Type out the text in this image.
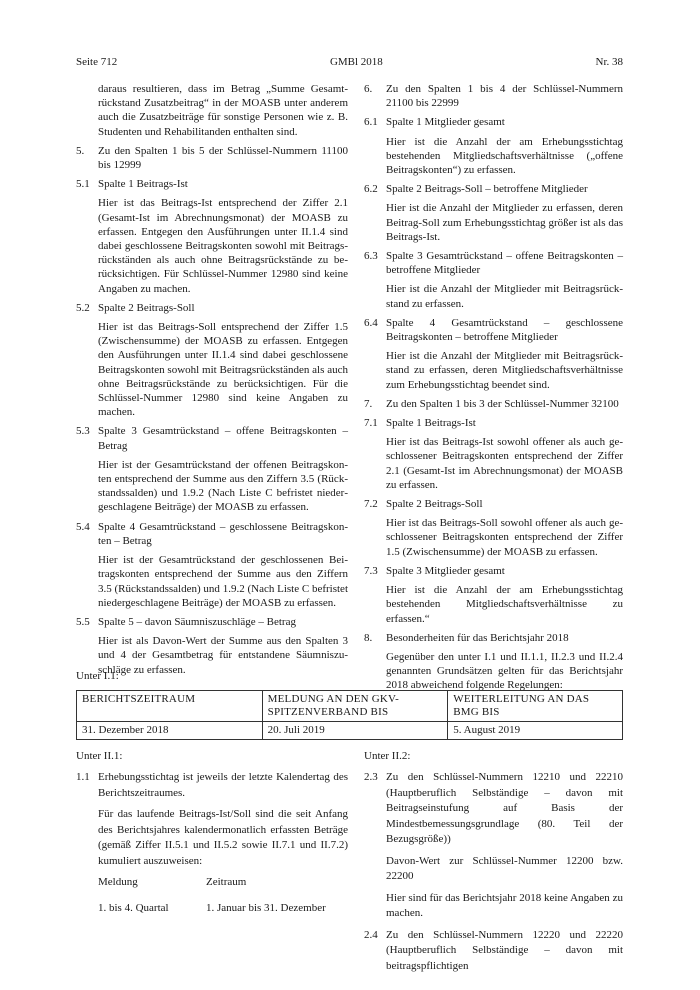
Seite 712	GMBl 2018	Nr. 38
daraus resultieren, dass im Betrag „Summe Gesamtrückstand Zusatzbeitrag“ in der MOASB unter anderem auch die Zusatzbeiträge für sonstige Personen wie z. B. Studenten und Rehabilitanden enthalten sind.
5. Zu den Spalten 1 bis 5 der Schlüssel-Nummern 11100 bis 12999
5.1 Spalte 1 Beitrags-Ist
Hier ist das Beitrags-Ist entsprechend der Ziffer 2.1 (Gesamt-Ist im Abrechnungsmonat) der MOASB zu erfassen. Entgegen den Ausführungen unter II.1.4 sind dabei geschlossene Beitragskonten sowohl mit Beitragsrückständen als auch ohne Beitragsrückstände zu berücksichtigen. Für Schlüssel-Nummer 12980 sind keine Angaben zu machen.
5.2 Spalte 2 Beitrags-Soll
Hier ist das Beitrags-Soll entsprechend der Ziffer 1.5 (Zwischensumme) der MOASB zu erfassen. Entgegen den Ausführungen unter II.1.4 sind dabei geschlossene Beitragskonten sowohl mit Beitragsrückständen als auch ohne Beitragsrückstände zu berücksichtigen. Für die Schlüssel-Nummer 12980 sind keine Angaben zu machen.
5.3 Spalte 3 Gesamtrückstand – offene Beitragskonten – Betrag
Hier ist der Gesamtrückstand der offenen Beitragskonten entsprechend der Summe aus den Ziffern 3.5 (Rückstandssalden) und 1.9.2 (Nach Liste C befristet niedergeschlagene Beiträge) der MOASB zu erfassen.
5.4 Spalte 4 Gesamtrückstand – geschlossene Beitragskonten – Betrag
Hier ist der Gesamtrückstand der geschlossenen Beitragskonten entsprechend der Summe aus den Ziffern 3.5 (Rückstandssalden) und 1.9.2 (Nach Liste C befristet niedergeschlagene Beiträge) der MOASB zu erfassen.
5.5 Spalte 5 – davon Säumniszuschläge – Betrag
Hier ist als Davon-Wert der Summe aus den Spalten 3 und 4 der Gesamtbetrag für entstandene Säumniszuschläge zu erfassen.
6. Zu den Spalten 1 bis 4 der Schlüssel-Nummern 21100 bis 22999
6.1 Spalte 1 Mitglieder gesamt
Hier ist die Anzahl der am Erhebungsstichtag bestehenden Mitgliedschaftsverhältnisse („offene Beitragskonten“) zu erfassen.
6.2 Spalte 2 Beitrags-Soll – betroffene Mitglieder
Hier ist die Anzahl der Mitglieder zu erfassen, deren Beitrag-Soll zum Erhebungsstichtag größer ist als das Beitrags-Ist.
6.3 Spalte 3 Gesamtrückstand – offene Beitragskonten – betroffene Mitglieder
Hier ist die Anzahl der Mitglieder mit Beitragsrückstand zu erfassen.
6.4 Spalte 4 Gesamtrückstand – geschlossene Beitragskonten – betroffene Mitglieder
Hier ist die Anzahl der Mitglieder mit Beitragsrückstand zu erfassen, deren Mitgliedschaftsverhältnisse zum Erhebungsstichtag beendet sind.
7. Zu den Spalten 1 bis 3 der Schlüssel-Nummer 32100
7.1 Spalte 1 Beitrags-Ist
Hier ist das Beitrags-Ist sowohl offener als auch geschlossener Beitragskonten entsprechend der Ziffer 2.1 (Gesamt-Ist im Abrechnungsmonat) der MOASB zu erfassen.
7.2 Spalte 2 Beitrags-Soll
Hier ist das Beitrags-Soll sowohl offener als auch geschlossener Beitragskonten entsprechend der Ziffer 1.5 (Zwischensumme) der MOASB zu erfassen.
7.3 Spalte 3 Mitglieder gesamt
Hier ist die Anzahl der am Erhebungsstichtag bestehenden Mitgliedschaftsverhältnisse zu erfassen.“
8. Besonderheiten für das Berichtsjahr 2018
Gegenüber den unter I.1 und II.1.1, II.2.3 und II.2.4 genannten Grundsätzen gelten für das Berichtsjahr 2018 abweichend folgende Regelungen:
Unter I.1:
BERICHTSZEITRAUM	MELDUNG AN DEN GKV-SPITZENVERBAND BIS	WEITERLEITUNG AN DAS BMG BIS
31. Dezember 2018	20. Juli 2019	5. August 2019
Unter II.1:	Unter II.2:
1.1 Erhebungsstichtag ist jeweils der letzte Kalendertag des Berichtszeitraumes.
Für das laufende Beitrags-Ist/Soll sind die seit Anfang des Berichtsjahres kalendermonatlich erfassten Beträge (gemäß Ziffer II.5.1 und II.5.2 sowie II.7.1 und II.7.2) kumuliert auszuweisen:
Meldung	Zeitraum
1. bis 4. Quartal	1. Januar bis 31. Dezember
2.3 Zu den Schlüssel-Nummern 12210 und 22210 (Hauptberuflich Selbständige – davon mit Beitragseinstufung auf Basis der Mindestbemessungsgrundlage (80. Teil der Bezugsgröße))
Davon-Wert zur Schlüssel-Nummer 12200 bzw. 22200
Hier sind für das Berichtsjahr 2018 keine Angaben zu machen.
2.4 Zu den Schlüssel-Nummern 12220 und 22220 (Hauptberuflich Selbständige – davon mit beitragspflichtigen
